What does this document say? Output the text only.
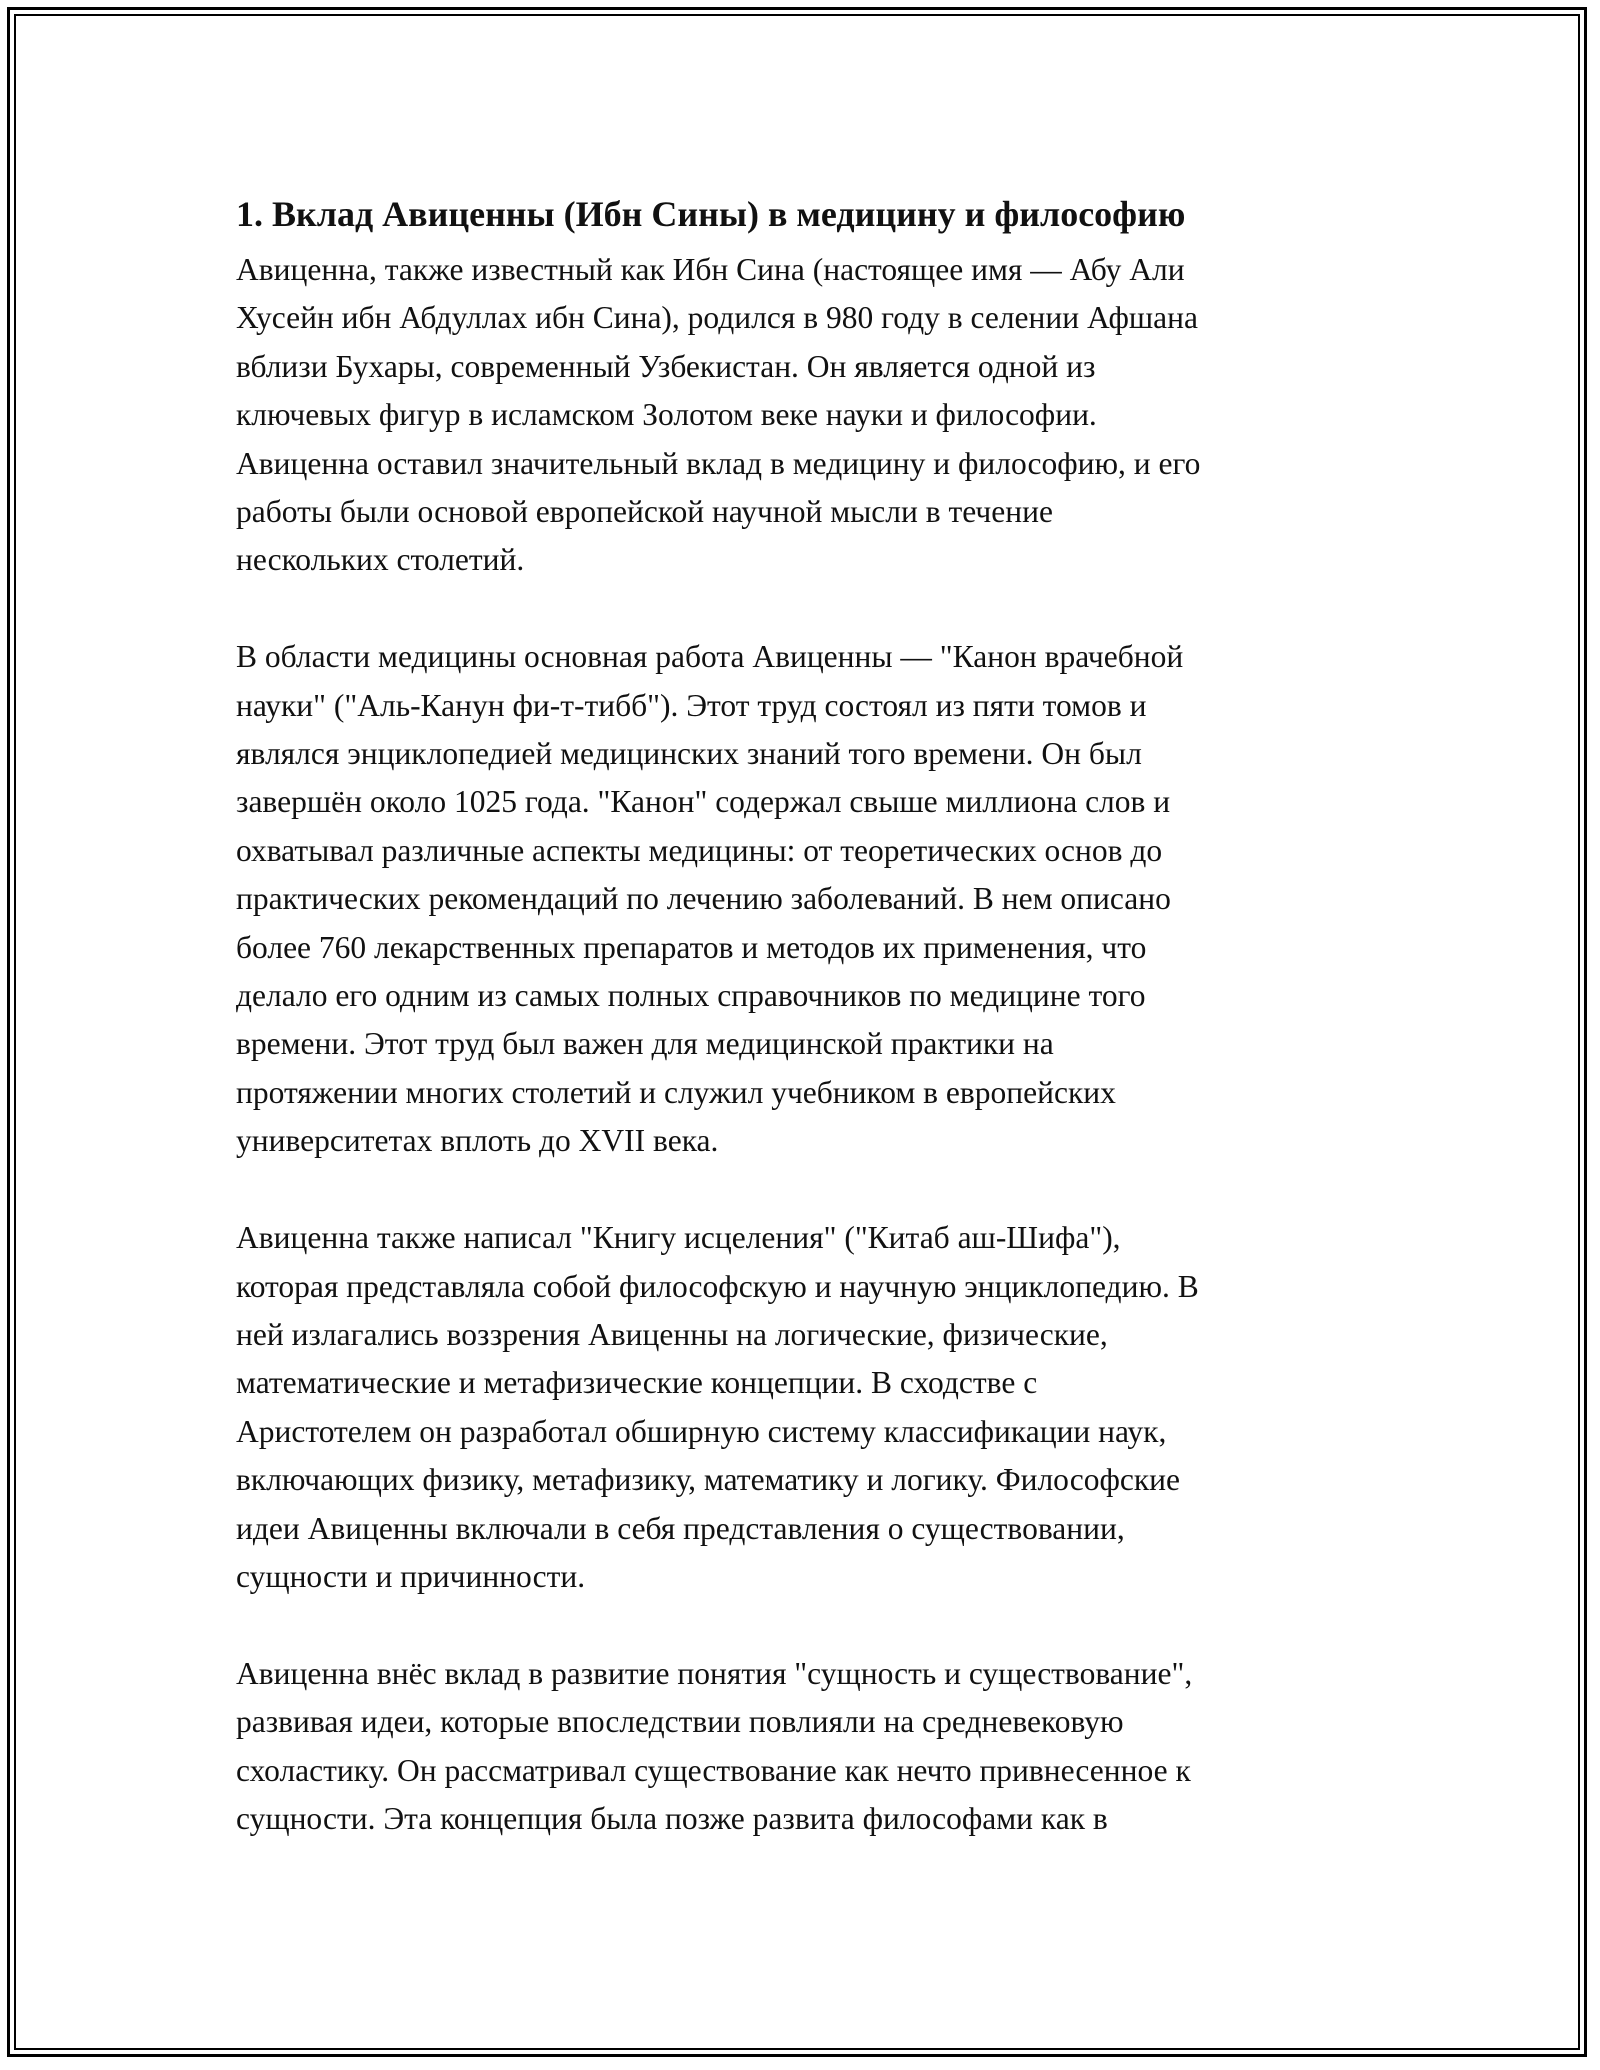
1. Вклад Авиценны (Ибн Сины) в медицину и философию

Авиценна, также известный как Ибн Сина (настоящее имя — Абу Али
Хусейн ибн Абдуллах ибн Сина), родился в 980 году в селении Афшана
вблизи Бухары, современный Узбекистан. Он является одной из
ключевых фигур в исламском Золотом веке науки и философии.
Авиценна оставил значительный вклад в медицину и философию, и его
работы были основой европейской научной мысли в течение
нескольких столетий.

В области медицины основная работа Авиценны — "Канон врачебной
науки" ("Аль-Канун фи-т-тибб"). Этот труд состоял из пяти томов и
являлся энциклопедией медицинских знаний того времени. Он был
завершён около 1025 года. "Канон" содержал свыше миллиона слов и
охватывал различные аспекты медицины: от теоретических основ до
практических рекомендаций по лечению заболеваний. В нем описано
более 760 лекарственных препаратов и методов их применения, что
делало его одним из самых полных справочников по медицине того
времени. Этот труд был важен для медицинской практики на
протяжении многих столетий и служил учебником в европейских
университетах вплоть до XVII века.

Авиценна также написал "Книгу исцеления" ("Китаб аш-Шифа"),
которая представляла собой философскую и научную энциклопедию. В
ней излагались воззрения Авиценны на логические, физические,
математические и метафизические концепции. В сходстве с
Аристотелем он разработал обширную систему классификации наук,
включающих физику, метафизику, математику и логику. Философские
идеи Авиценны включали в себя представления о существовании,
сущности и причинности.

Авиценна внёс вклад в развитие понятия "сущность и существование",
развивая идеи, которые впоследствии повлияли на средневековую
схоластику. Он рассматривал существование как нечто привнесенное к
сущности. Эта концепция была позже развита философами как в
